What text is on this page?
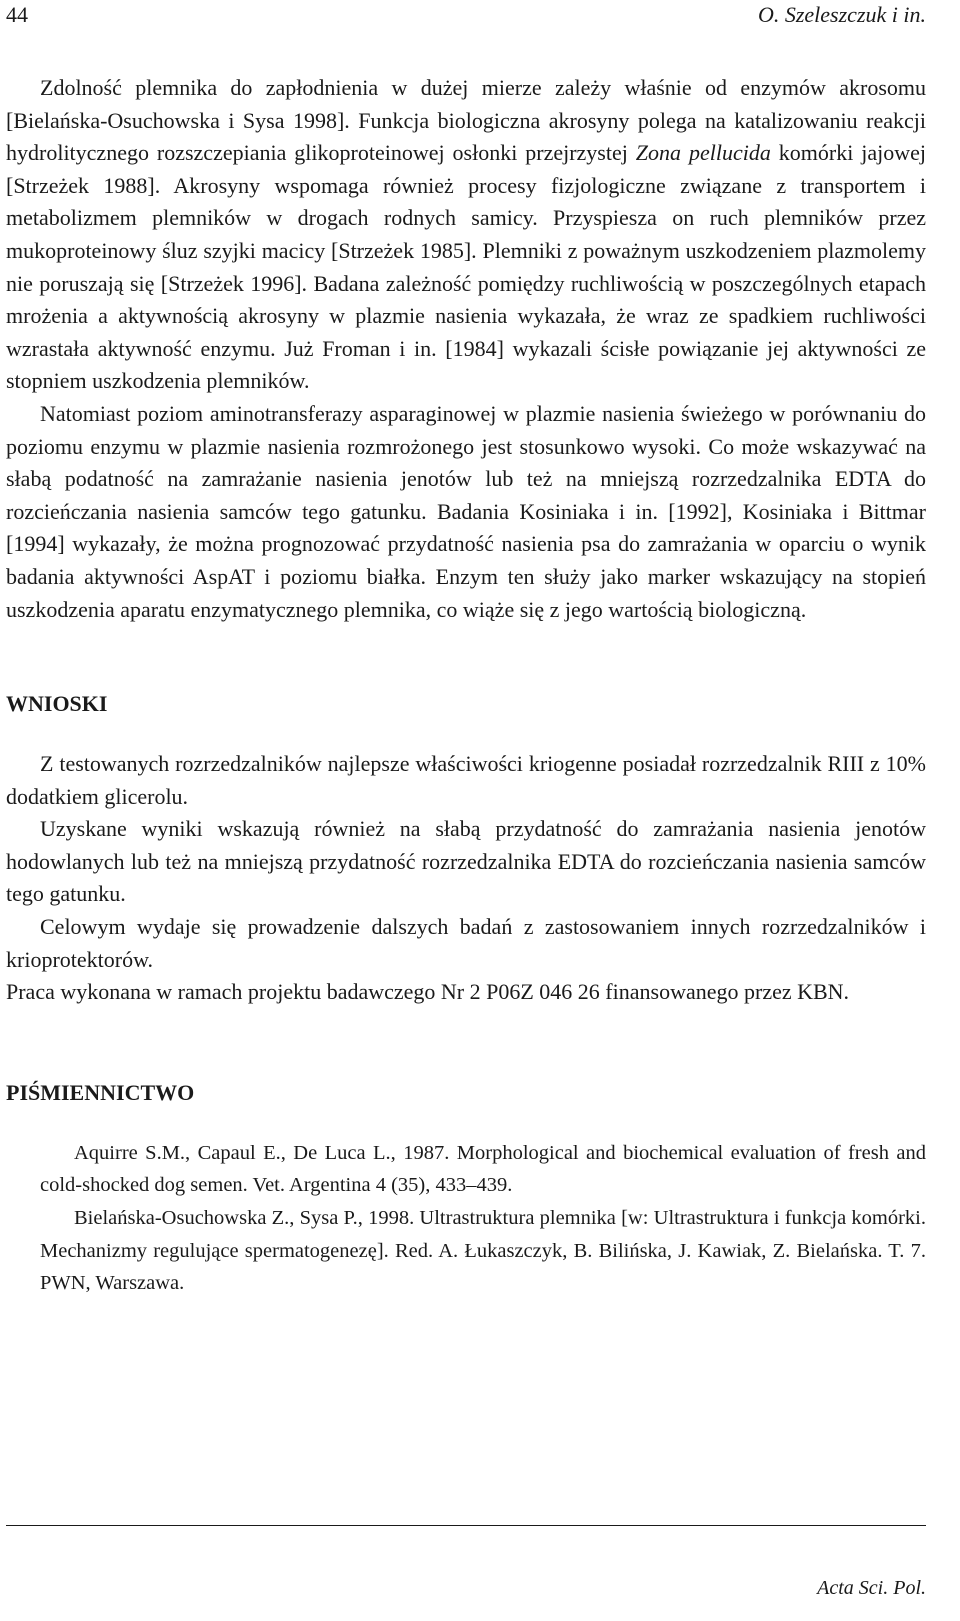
44	O. Szeleszczuk i in.

Zdolność plemnika do zapłodnienia w dużej mierze zależy właśnie od enzymów akrosomu [Bielańska-Osuchowska i Sysa 1998]. Funkcja biologiczna akrosyny polega na katalizowaniu reakcji hydrolitycznego rozszczepiania glikoproteinowej osłonki przejrzystej Zona pellucida komórki jajowej [Strzeżek 1988]. Akrosyny wspomaga również procesy fizjologiczne związane z transportem i metabolizmem plemników w drogach rodnych samicy. Przyspiesza on ruch plemników przez mukoproteinowy śluz szyjki macicy [Strzeżek 1985]. Plemniki z poważnym uszkodzeniem plazmolemy nie poruszają się [Strzeżek 1996]. Badana zależność pomiędzy ruchliwością w poszczególnych etapach mrożenia a aktywnością akrosyny w plazmie nasienia wykazała, że wraz ze spadkiem ruchliwości wzrastała aktywność enzymu. Już Froman i in. [1984] wykazali ścisłe powiązanie jej aktywności ze stopniem uszkodzenia plemników.

Natomiast poziom aminotransferazy asparaginowej w plazmie nasienia świeżego w porównaniu do poziomu enzymu w plazmie nasienia rozmrożonego jest stosunkowo wysoki. Co może wskazywać na słabą podatność na zamrażanie nasienia jenotów lub też na mniejszą rozrzedzalnika EDTA do rozcieńczania nasienia samców tego gatunku. Badania Kosiniaka i in. [1992], Kosiniaka i Bittmar [1994] wykazały, że można prognozować przydatność nasienia psa do zamrażania w oparciu o wynik badania aktywności AspAT i poziomu białka. Enzym ten służy jako marker wskazujący na stopień uszkodzenia aparatu enzymatycznego plemnika, co wiąże się z jego wartością biologiczną.

WNIOSKI

Z testowanych rozrzedzalników najlepsze właściwości kriogenne posiadał rozrzedzalnik RIII z 10% dodatkiem glicerolu.

Uzyskane wyniki wskazują również na słabą przydatność do zamrażania nasienia jenotów hodowlanych lub też na mniejszą przydatność rozrzedzalnika EDTA do rozcieńczania nasienia samców tego gatunku.

Celowym wydaje się prowadzenie dalszych badań z zastosowaniem innych rozrzedzalników i krioprotektorów.

Praca wykonana w ramach projektu badawczego Nr 2 P06Z 046 26 finansowanego przez KBN.

PIŚMIENNICTWO

Aquirre S.M., Capaul E., De Luca L., 1987. Morphological and biochemical evaluation of fresh and cold-shocked dog semen. Vet. Argentina 4 (35), 433–439.

Bielańska-Osuchowska Z., Sysa P., 1998. Ultrastruktura plemnika [w: Ultrastruktura i funkcja komórki. Mechanizmy regulujące spermatogenezę]. Red. A. Łukaszczyk, B. Bilińska, J. Kawiak, Z. Bielańska. T. 7. PWN, Warszawa.

Acta Sci. Pol.
